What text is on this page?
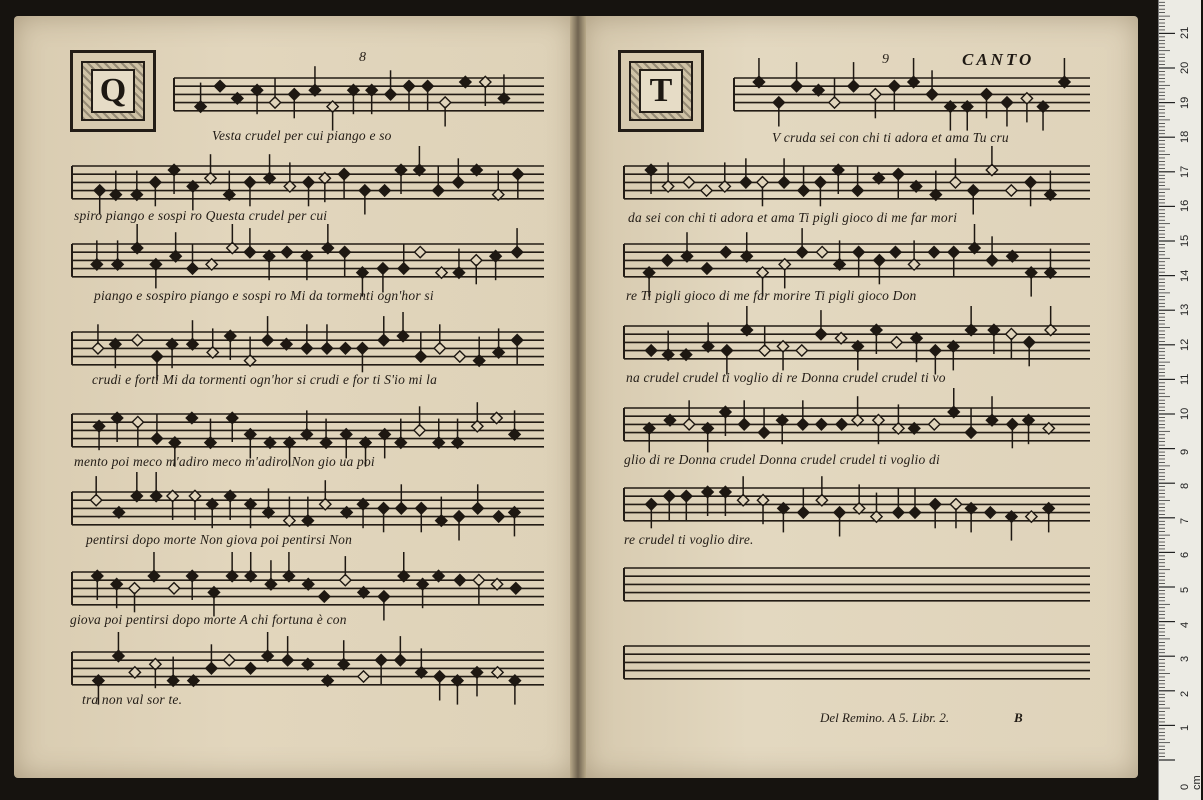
Q
8
Vesta crudel per cui piango e so
spiro piango e sospi ro Questa crudel per cui
piango e sospiro piango e sospi ro Mi da tormenti ogn'hor si
crudi e forti Mi da tormenti ogn'hor si crudi e for ti S'io mi la
mento poi meco m'adiro meco m'adiro Non gio ua poi
pentirsi dopo morte Non giova poi pentirsi Non
giova poi pentirsi dopo morte A chi fortuna è con
tra non val sor te.
T
9	CANTO
V cruda sei con chi ti adora et ama Tu cru
da sei con chi ti adora et ama Ti pigli gioco di me far mori
re Ti pigli gioco di me far morire Ti pigli gioco Don
na crudel crudel ti voglio di re Donna crudel crudel ti vo
glio di re Donna crudel Donna crudel crudel ti voglio di
re crudel ti voglio dire.
Del Remino. A 5. Libr. 2.	B
0 cm
1
2
3
4
5
6
7
8
9
10
11
12
13
14
15
16
17
18
19
20
21
